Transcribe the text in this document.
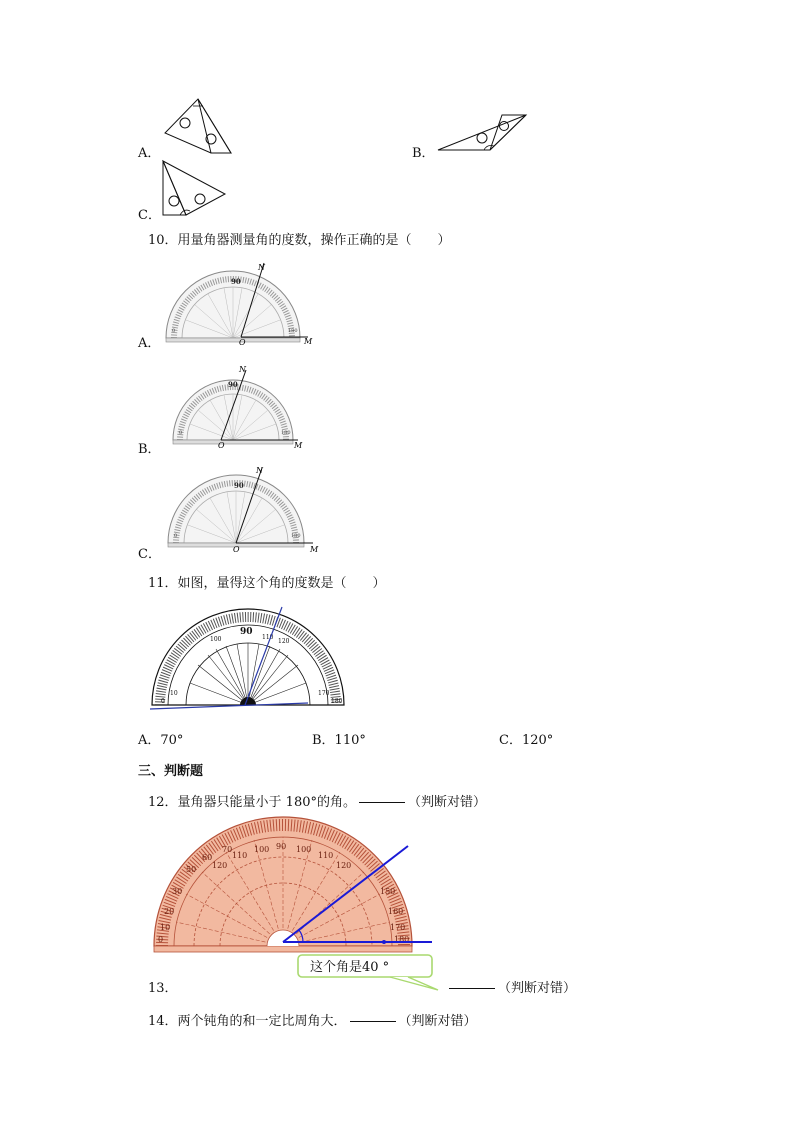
A．	B．
C．
10．用量角器测量角的度数，操作正确的是（　　）
A．
90
0	180
N
O	M
B．
90
0	180
N
O	M
C．
90
0	180
N
O	M
11．如图，量得这个角的度数是（　　）
90
110
120
100
10	170
0	180
A．70°	B．110°	C．120°
三、判断题
12．量角器只能量小于 180°的角。	（判断对错）
90
100
110
120
100
110
120
70
60
50
30
20
10
0
150
160
170
180
这个角是40 °
13．	（判断对错）
14．两个钝角的和一定比周角大．	（判断对错）
